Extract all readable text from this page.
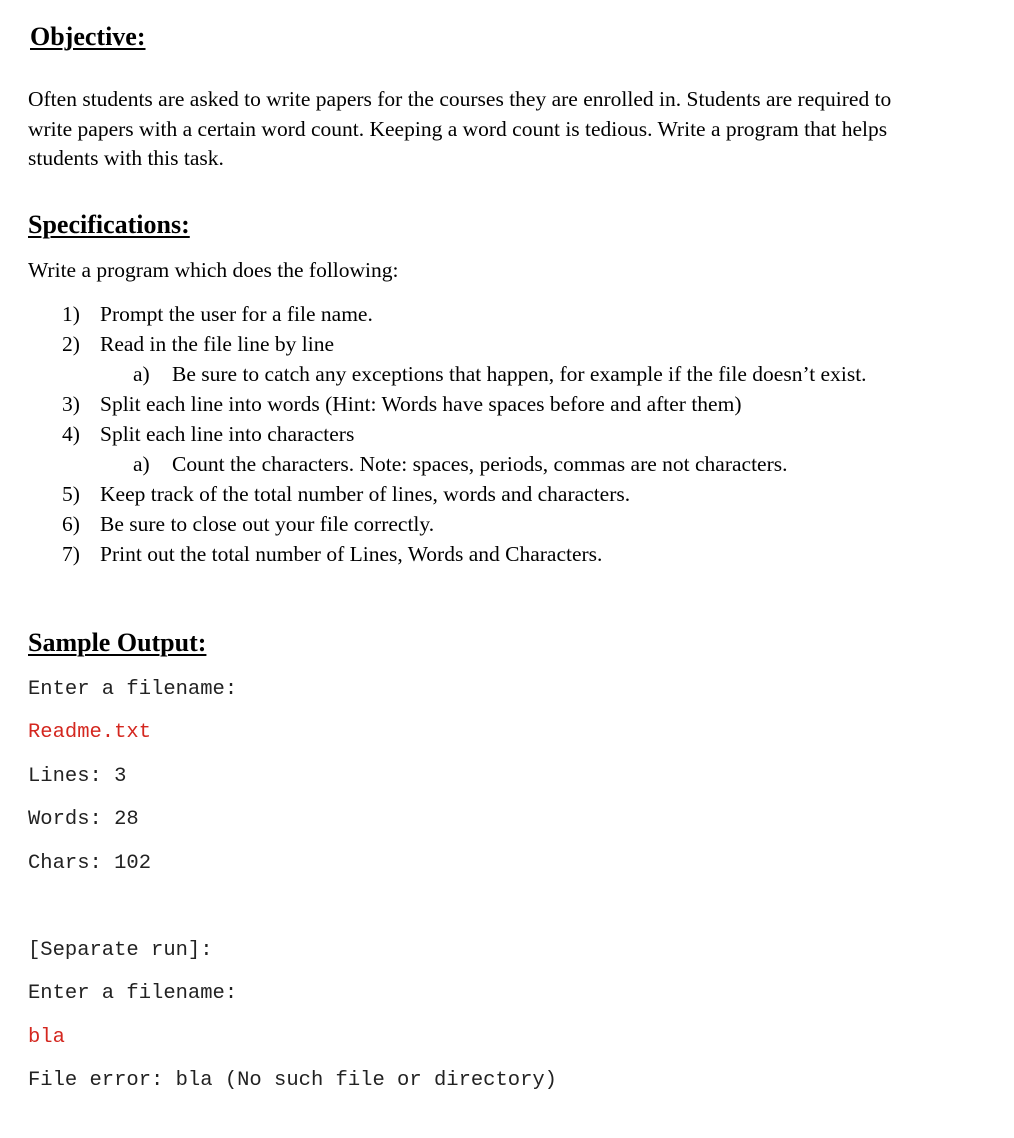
Objective:
Often students are asked to write papers for the courses they are enrolled in. Students are required to write papers with a certain word count. Keeping a word count is tedious. Write a program that helps students with this task.
Specifications:
Write a program which does the following:
1) Prompt the user for a file name.
2) Read in the file line by line
a) Be sure to catch any exceptions that happen, for example if the file doesn’t exist.
3) Split each line into words (Hint: Words have spaces before and after them)
4) Split each line into characters
a) Count the characters. Note: spaces, periods, commas are not characters.
5) Keep track of the total number of lines, words and characters.
6) Be sure to close out your file correctly.
7) Print out the total number of Lines, Words and Characters.
Sample Output:
Enter a filename:
Readme.txt
Lines: 3
Words: 28
Chars: 102
[Separate run]:
Enter a filename:
bla
File error: bla (No such file or directory)
